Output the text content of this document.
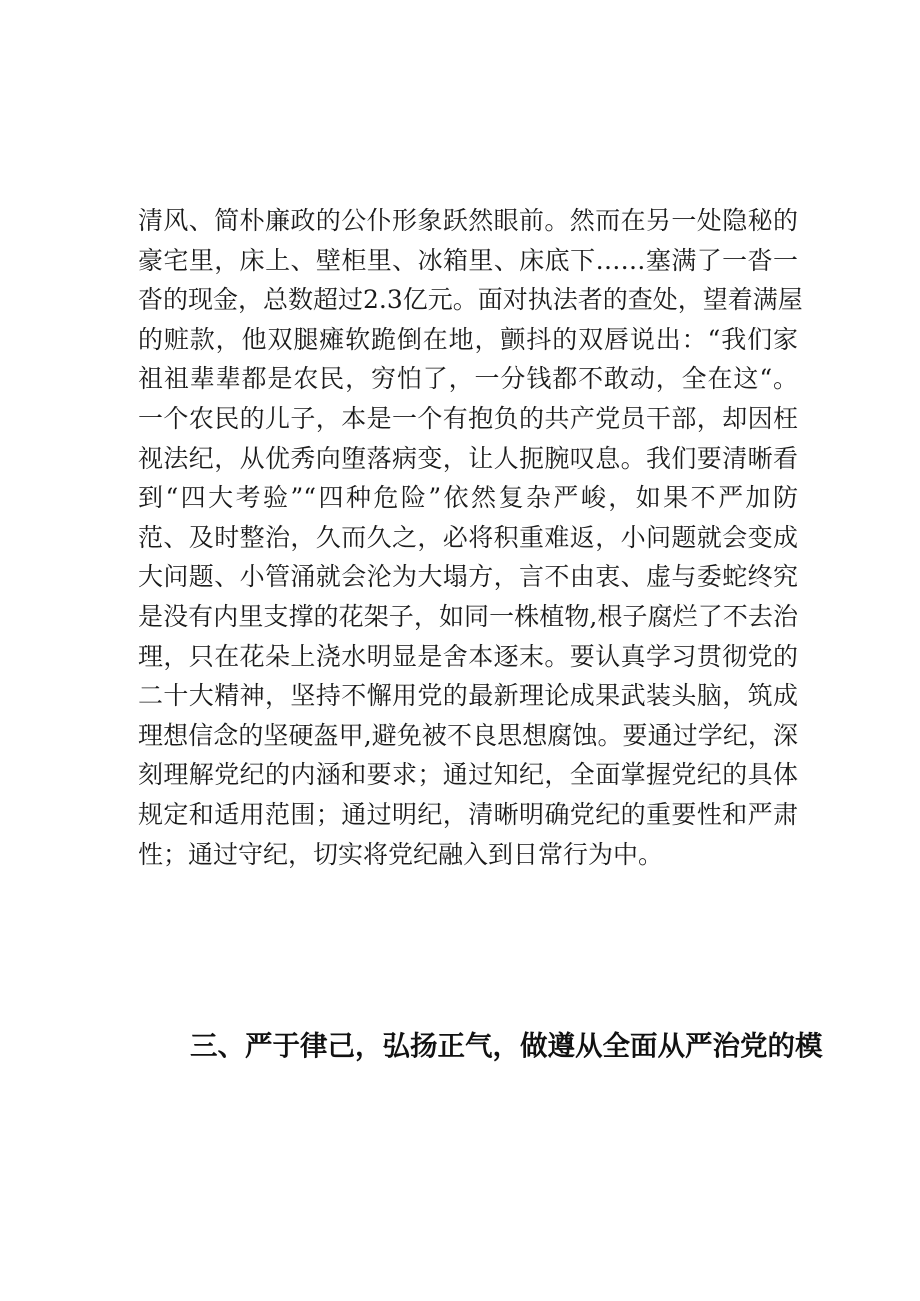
清风、简朴廉政的公仆形象跃然眼前。然而在另一处隐秘的
豪宅里，床上、壁柜里、冰箱里、床底下……塞满了一沓一
沓的现金，总数超过2.3亿元。面对执法者的查处，望着满屋
的赃款，他双腿瘫软跪倒在地，颤抖的双唇说出：“我们家
祖祖辈辈都是农民，穷怕了，一分钱都不敢动，全在这“。
一个农民的儿子，本是一个有抱负的共产党员干部，却因枉
视法纪，从优秀向堕落病变，让人扼腕叹息。我们要清晰看
到“四大考验”“四种危险”依然复杂严峻，如果不严加防
范、及时整治，久而久之，必将积重难返，小问题就会变成
大问题、小管涌就会沦为大塌方，言不由衷、虚与委蛇终究
是没有内里支撑的花架子，如同一株植物,根子腐烂了不去治
理，只在花朵上浇水明显是舍本逐末。要认真学习贯彻党的
二十大精神，坚持不懈用党的最新理论成果武装头脑，筑成
理想信念的坚硬盔甲,避免被不良思想腐蚀。要通过学纪，深
刻理解党纪的内涵和要求；通过知纪，全面掌握党纪的具体
规定和适用范围；通过明纪，清晰明确党纪的重要性和严肃
性；通过守纪，切实将党纪融入到日常行为中。
三、严于律己，弘扬正气，做遵从全面从严治党的模
